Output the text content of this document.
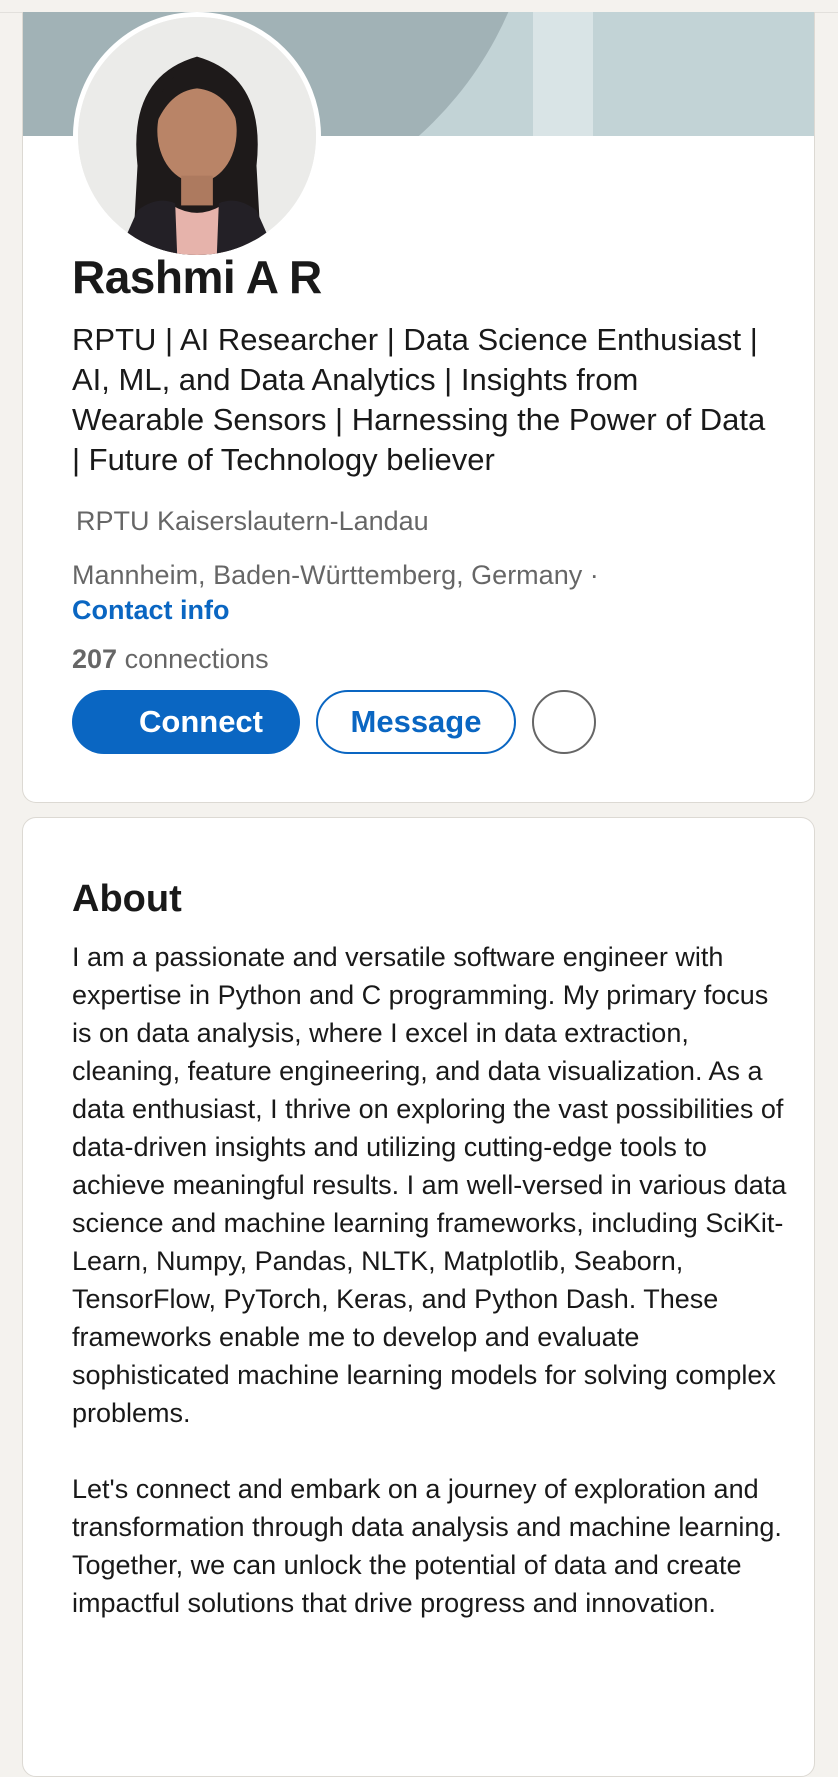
Rashmi A R

RPTU | AI Researcher | Data Science Enthusiast | AI, ML, and Data Analytics | Insights from Wearable Sensors | Harnessing the Power of Data | Future of Technology believer

RPTU Kaiserslautern-Landau
Mannheim, Baden-Württemberg, Germany ·
Contact info
207 connections
Connect	Message
About
I am a passionate and versatile software engineer with expertise in Python and C programming. My primary focus is on data analysis, where I excel in data extraction, cleaning, feature engineering, and data visualization. As a data enthusiast, I thrive on exploring the vast possibilities of data-driven insights and utilizing cutting-edge tools to achieve meaningful results. I am well-versed in various data science and machine learning frameworks, including SciKit-Learn, Numpy, Pandas, NLTK, Matplotlib, Seaborn, TensorFlow, PyTorch, Keras, and Python Dash. These frameworks enable me to develop and evaluate sophisticated machine learning models for solving complex problems.

Let's connect and embark on a journey of exploration and transformation through data analysis and machine learning. Together, we can unlock the potential of data and create impactful solutions that drive progress and innovation.
